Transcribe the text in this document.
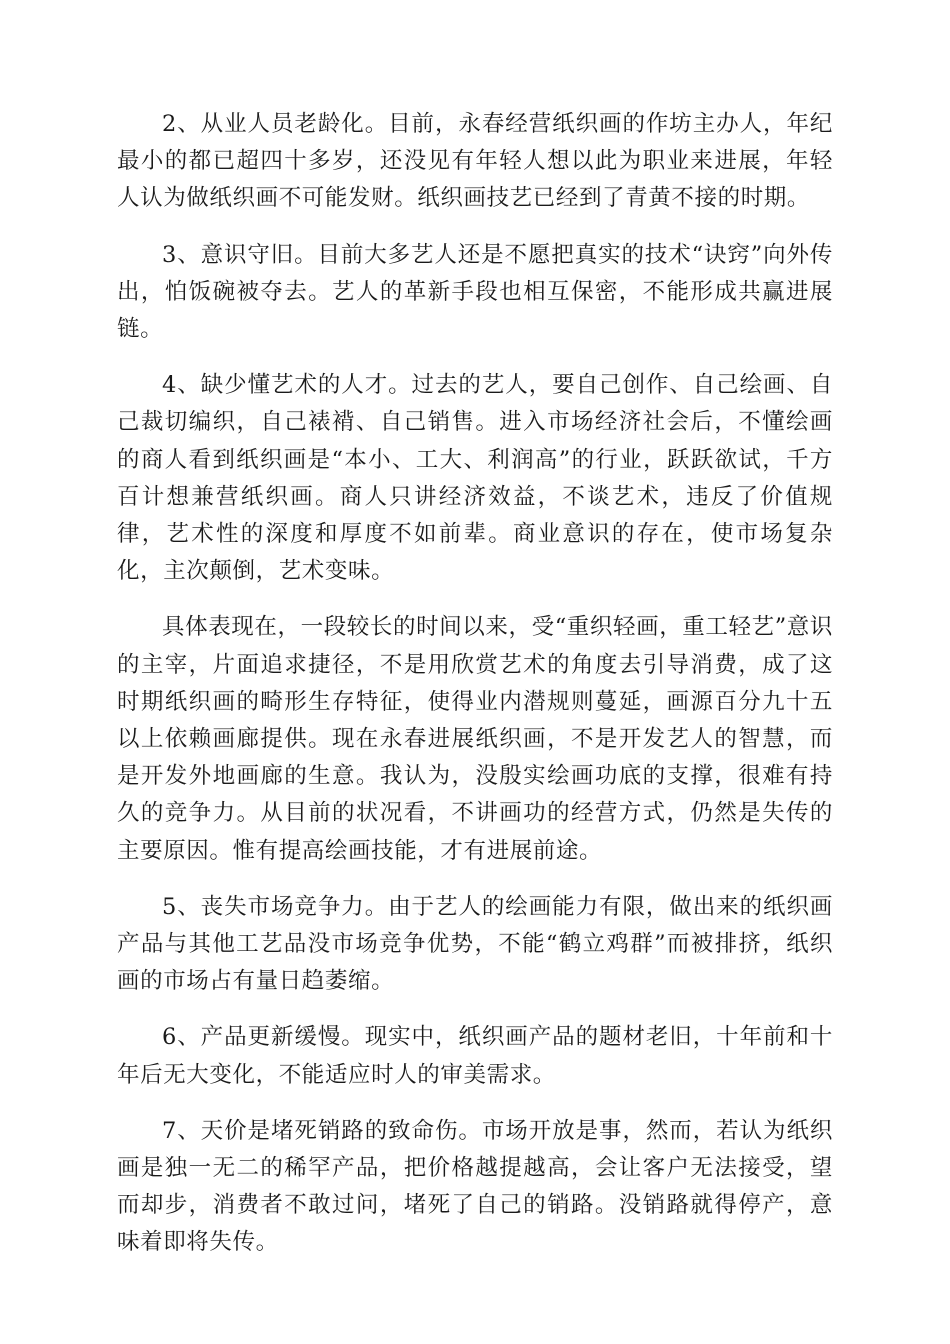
2、从业人员老龄化。目前，永春经营纸织画的作坊主办人，年纪最小的都已超四十多岁，还没见有年轻人想以此为职业来进展，年轻人认为做纸织画不可能发财。纸织画技艺已经到了青黄不接的时期。

3、意识守旧。目前大多艺人还是不愿把真实的技术“诀窍”向外传出，怕饭碗被夺去。艺人的革新手段也相互保密，不能形成共赢进展链。

4、缺少懂艺术的人才。过去的艺人，要自己创作、自己绘画、自己裁切编织，自己裱褙、自己销售。进入市场经济社会后，不懂绘画的商人看到纸织画是“本小、工大、利润高”的行业，跃跃欲试，千方百计想兼营纸织画。商人只讲经济效益，不谈艺术，违反了价值规律，艺术性的深度和厚度不如前辈。商业意识的存在，使市场复杂化，主次颠倒，艺术变味。

具体表现在，一段较长的时间以来，受“重织轻画，重工轻艺”意识的主宰，片面追求捷径，不是用欣赏艺术的角度去引导消费，成了这时期纸织画的畸形生存特征，使得业内潜规则蔓延，画源百分九十五以上依赖画廊提供。现在永春进展纸织画，不是开发艺人的智慧，而是开发外地画廊的生意。我认为，没殷实绘画功底的支撑，很难有持久的竞争力。从目前的状况看，不讲画功的经营方式，仍然是失传的主要原因。惟有提高绘画技能，才有进展前途。

5、丧失市场竞争力。由于艺人的绘画能力有限，做出来的纸织画产品与其他工艺品没市场竞争优势，不能“鹤立鸡群”而被排挤，纸织画的市场占有量日趋萎缩。

6、产品更新缓慢。现实中，纸织画产品的题材老旧，十年前和十年后无大变化，不能适应时人的审美需求。

7、天价是堵死销路的致命伤。市场开放是事，然而，若认为纸织画是独一无二的稀罕产品，把价格越提越高，会让客户无法接受，望而却步，消费者不敢过问，堵死了自己的销路。没销路就得停产，意味着即将失传。
